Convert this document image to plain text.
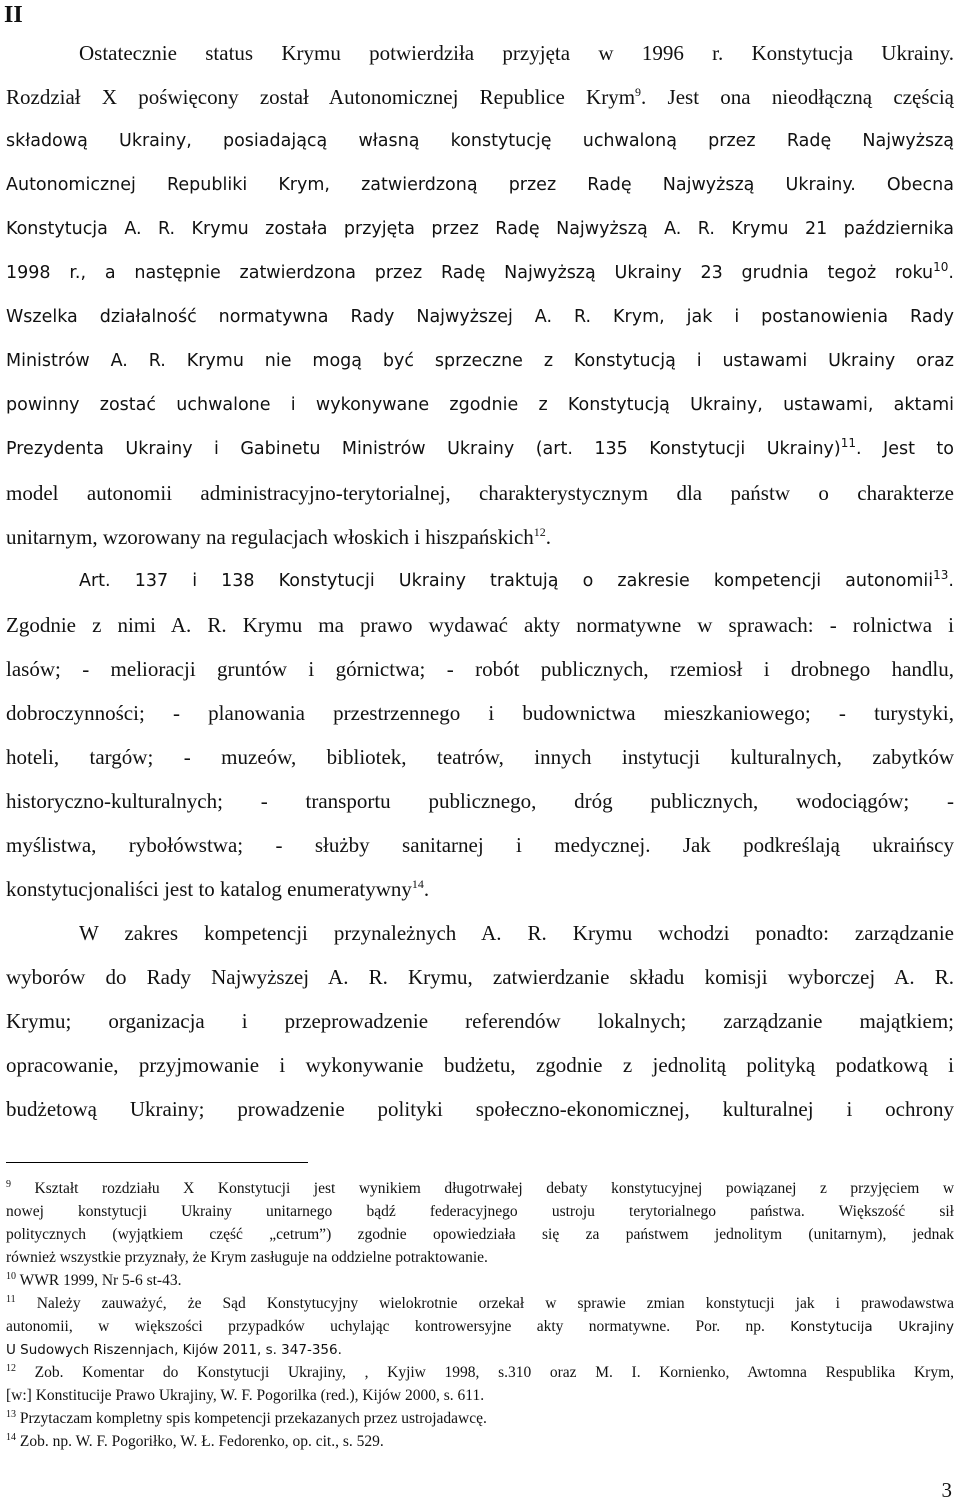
II
Ostatecznie status Krymu potwierdziła przyjęta w 1996 r. Konstytucja Ukrainy.
Rozdział X poświęcony został Autonomicznej Republice Krym$^9$. Jest ona nieodłączną częścią
składową Ukrainy, posiadającą własną konstytucję uchwaloną przez Radę Najwyższą
Autonomicznej Republiki Krym, zatwierdzoną przez Radę Najwyższą Ukrainy. Obecna
Konstytucja A. R. Krymu została przyjęta przez Radę Najwyższą A. R. Krymu 21 października
1998 r., a następnie zatwierdzona przez Radę Najwyższą Ukrainy 23 grudnia tegoż roku$^{10}$.
Wszelka działalność normatywna Rady Najwyższej A. R. Krym, jak i postanowienia Rady
Ministrów A. R. Krymu nie mogą być sprzeczne z Konstytucją i ustawami Ukrainy oraz
powinny zostać uchwalone i wykonywane zgodnie z Konstytucją Ukrainy, ustawami, aktami
Prezydenta Ukrainy i Gabinetu Ministrów Ukrainy (art. 135 Konstytucji Ukrainy)$^{11}$. Jest to
model autonomii administracyjno-terytorialnej, charakterystycznym dla państw o charakterze
unitarnym, wzorowany na regulacjach włoskich i hiszpańskich$^{12}$.
Art. 137 i 138 Konstytucji Ukrainy traktują o zakresie kompetencji autonomii$^{13}$.
Zgodnie z nimi A. R. Krymu ma prawo wydawać akty normatywne w sprawach: - rolnictwa i
lasów; - melioracji gruntów i górnictwa; - robót publicznych, rzemiosł i drobnego handlu,
dobroczynności; - planowania przestrzennego i budownictwa mieszkaniowego; - turystyki,
hoteli, targów; - muzeów, bibliotek, teatrów, innych instytucji kulturalnych, zabytków
historyczno-kulturalnych; - transportu publicznego, dróg publicznych, wodociągów; -
myślistwa, rybołówstwa; - służby sanitarnej i medycznej. Jak podkreślają ukraińscy
konstytucjonaliści jest to katalog enumeratywny$^{14}$.
W zakres kompetencji przynależnych A. R. Krymu wchodzi ponadto: zarządzanie
wyborów do Rady Najwyższej A. R. Krymu, zatwierdzanie składu komisji wyborczej A. R.
Krymu; organizacja i przeprowadzenie referendów lokalnych; zarządzanie majątkiem;
opracowanie, przyjmowanie i wykonywanie budżetu, zgodnie z jednolitą polityką podatkową i
budżetową Ukrainy; prowadzenie polityki społeczno-ekonomicznej, kulturalnej i ochrony
$^9$ Kształt rozdziału X Konstytucji jest wynikiem długotrwałej debaty konstytucyjnej powiązanej z przyjęciem w
nowej konstytucji Ukrainy unitarnego bądź federacyjnego ustroju terytorialnego państwa. Większość sił
politycznych (wyjątkiem część „cetrum”) zgodnie opowiedziała się za państwem jednolitym (unitarnym), jednak
również wszystkie przyznały, że Krym zasługuje na oddzielne potraktowanie.
$^{10}$ WWR 1999, Nr 5-6 st-43.
$^{11}$ Należy zauważyć, że Sąd Konstytucyjny wielokrotnie orzekał w sprawie zmian konstytucji jak i prawodawstwa
autonomii, w większości przypadków uchylając kontrowersyjne akty normatywne. Por. np. Konstytucija Ukrajiny
U Sudowych Riszennjach, Kijów 2011, s. 347-356.
$^{12}$ Zob. Komentar do Konstytucji Ukrajiny, , Kyjiw 1998, s.310 oraz M. I. Kornienko, Awtomna Respublika Krym,
[w:] Konstitucije Prawo Ukrajiny, W. F. Pogorilka (red.), Kijów 2000, s. 611.
$^{13}$ Przytaczam kompletny spis kompetencji przekazanych przez ustrojadawcę.
$^{14}$ Zob. np. W. F. Pogoriłko, W. Ł. Fedorenko, op. cit., s. 529.
3
